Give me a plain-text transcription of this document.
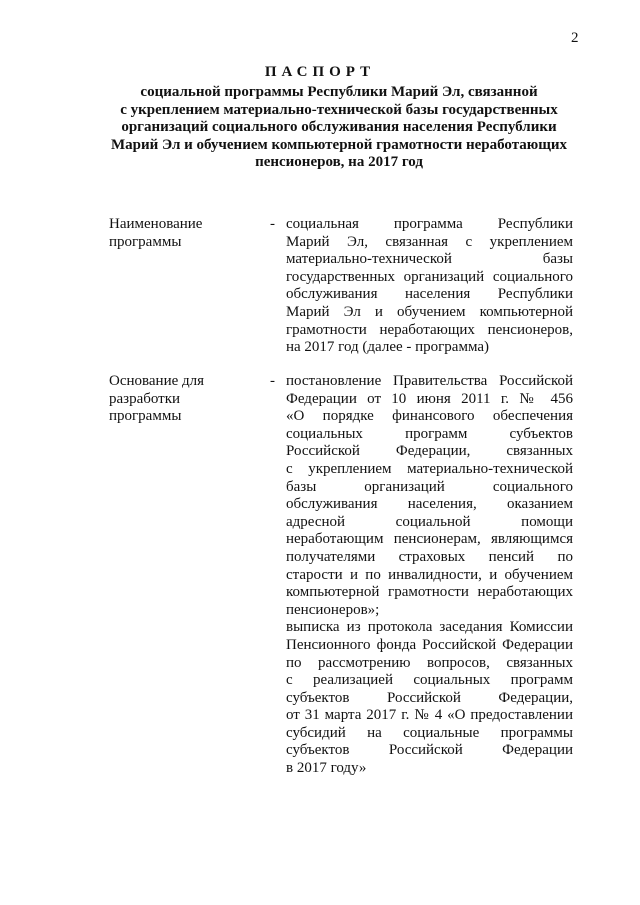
2
ПАСПОРТ
социальной программы Республики Марий Эл, связанной
с укреплением материально-технической базы государственных
организаций социального обслуживания населения Республики
Марий Эл и обучением компьютерной грамотности неработающих
пенсионеров, на 2017 год
Наименование
программы
- социальная программа Республики
Марий Эл, связанная с укреплением
материально-технической базы
государственных организаций социального
обслуживания населения Республики
Марий Эл и обучением компьютерной
грамотности неработающих пенсионеров,
на 2017 год (далее - программа)
Основание для
разработки
программы
- постановление Правительства Российской
Федерации от 10 июня 2011 г. № 456
«О порядке финансового обеспечения
социальных программ субъектов
Российской Федерации, связанных
с укреплением материально-технической
базы организаций социального
обслуживания населения, оказанием
адресной социальной помощи
неработающим пенсионерам, являющимся
получателями страховых пенсий по
старости и по инвалидности, и обучением
компьютерной грамотности неработающих
пенсионеров»;
выписка из протокола заседания Комиссии
Пенсионного фонда Российской Федерации
по рассмотрению вопросов, связанных
с реализацией социальных программ
субъектов Российской Федерации,
от 31 марта 2017 г. № 4 «О предоставлении
субсидий на социальные программы
субъектов Российской Федерации
в 2017 году»
